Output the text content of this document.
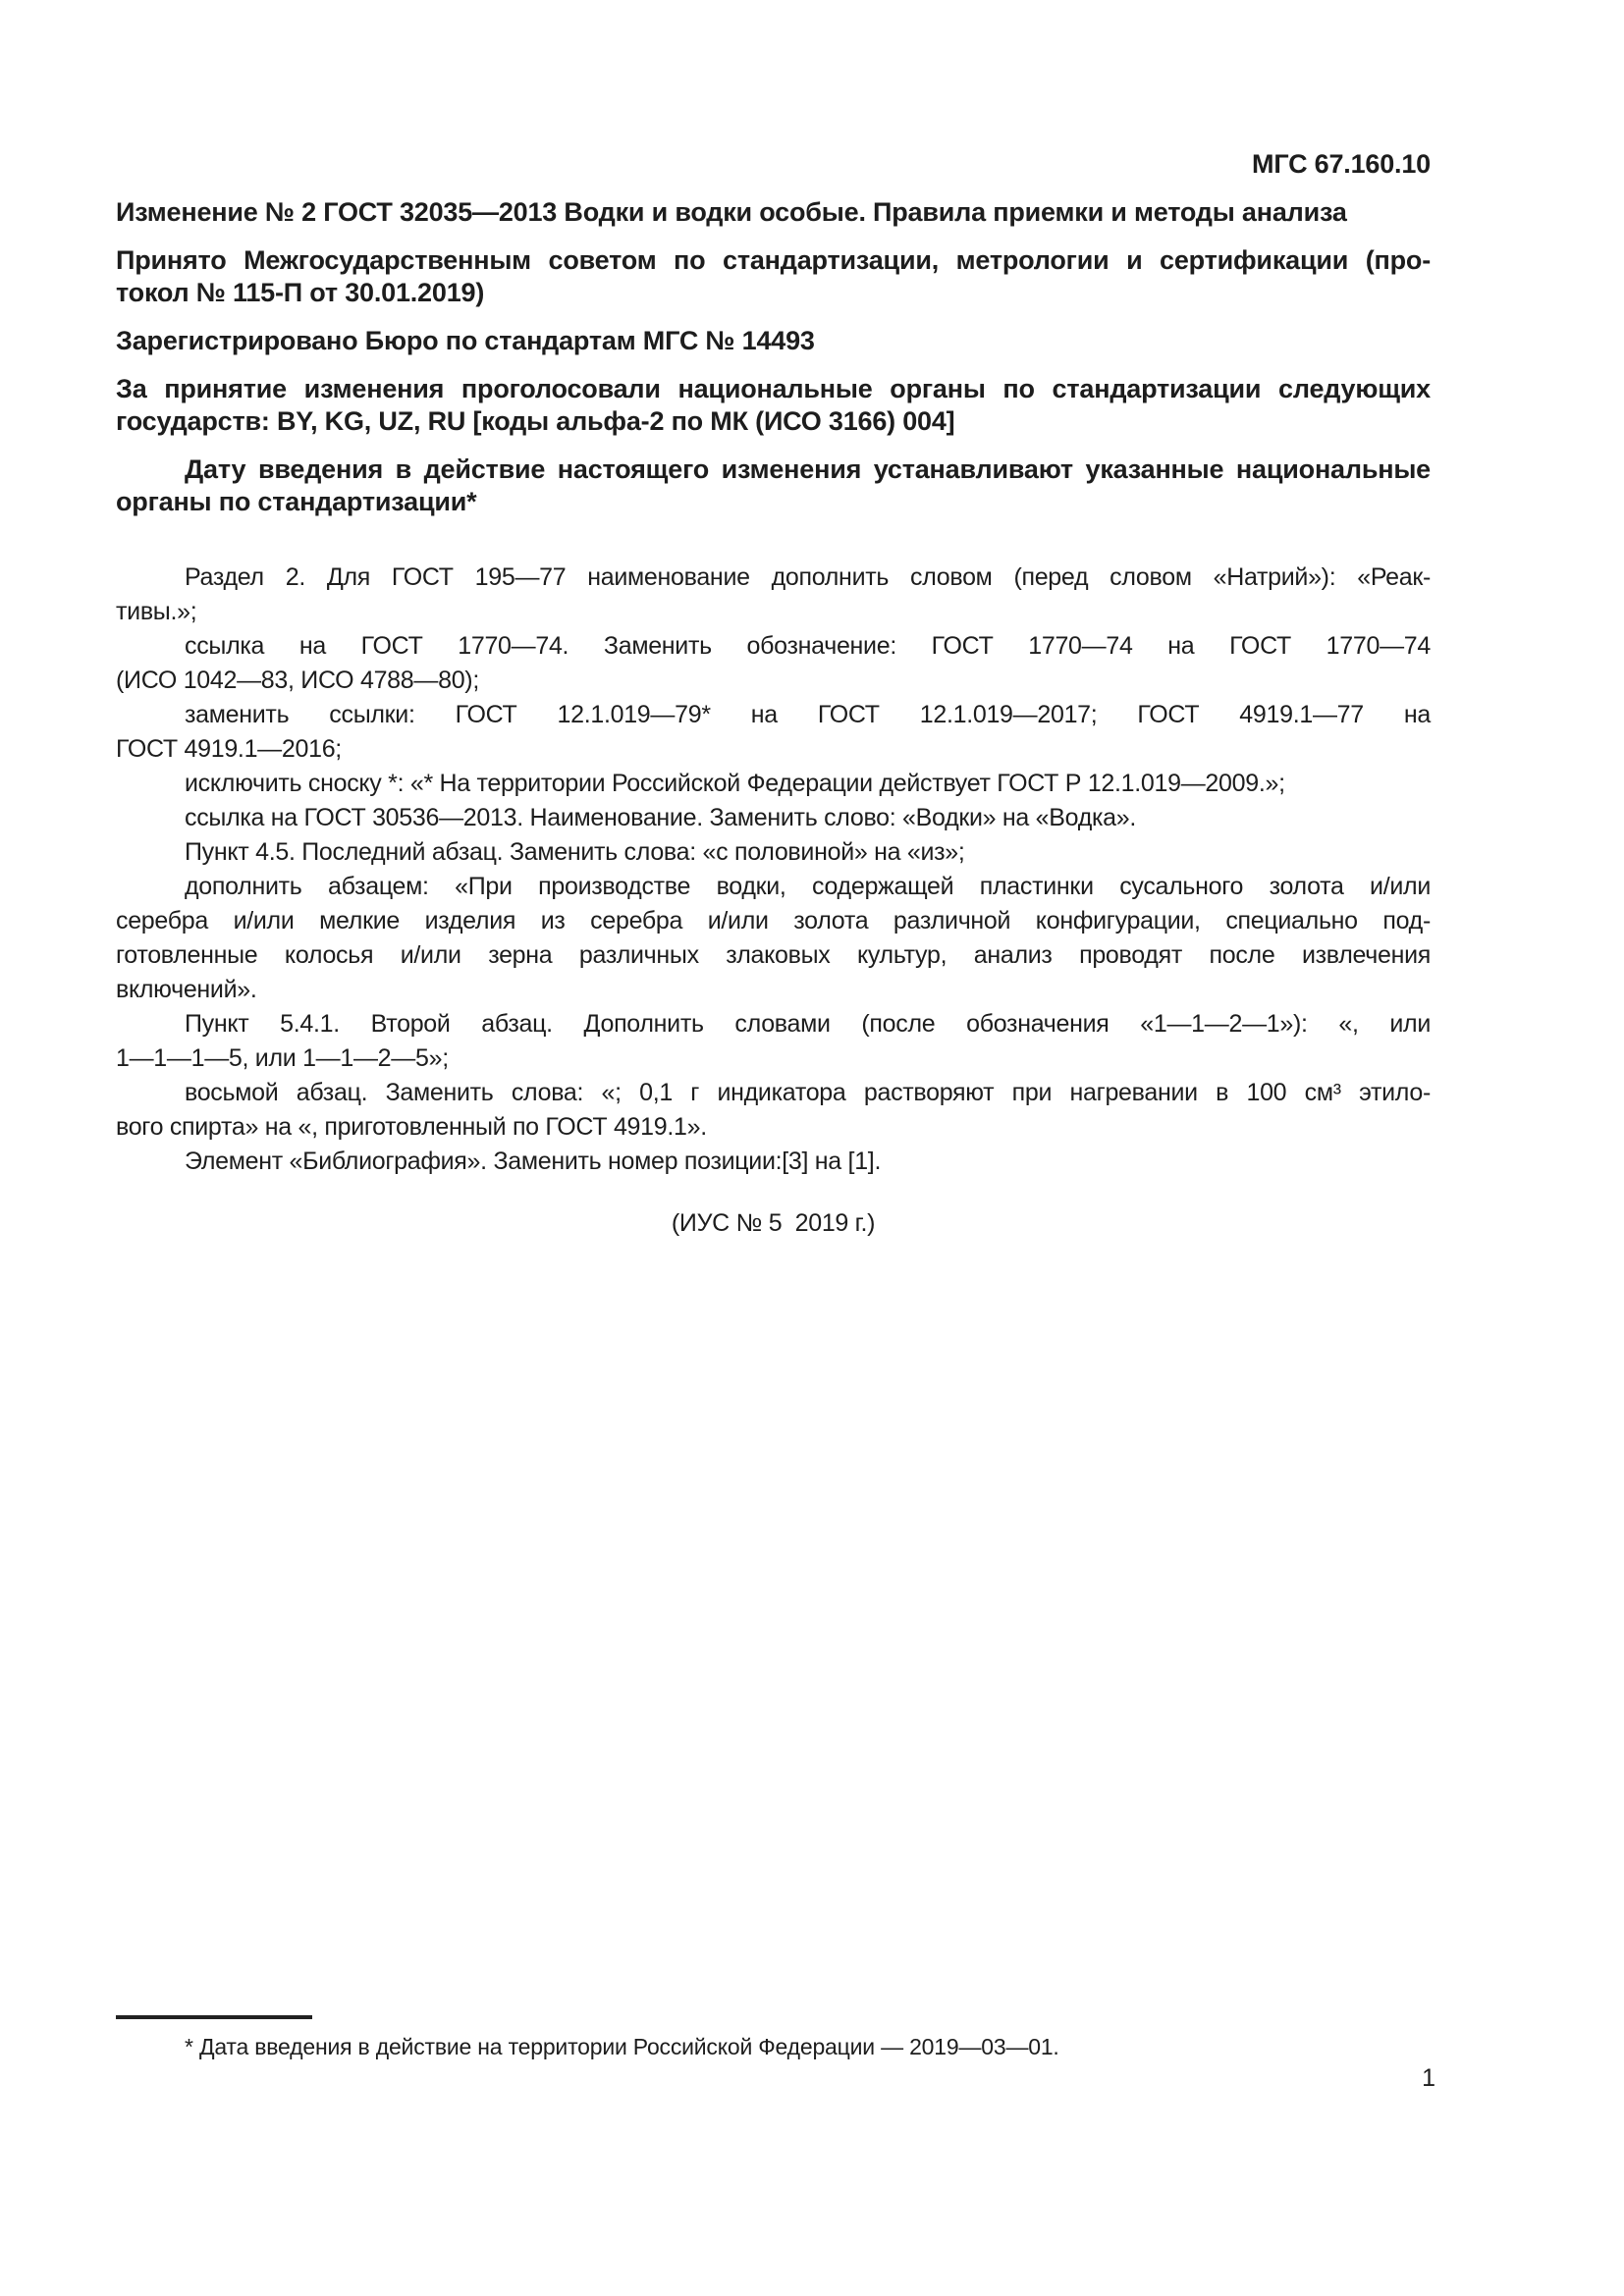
МГС 67.160.10
Изменение № 2 ГОСТ 32035—2013 Водки и водки особые. Правила приемки и методы анализа
Принято Межгосударственным советом по стандартизации, метрологии и сертификации (про-
токол № 115-П от 30.01.2019)
Зарегистрировано Бюро по стандартам МГС № 14493
За принятие изменения проголосовали национальные органы по стандартизации следующих
государств: BY, KG, UZ, RU [коды альфа-2 по МК (ИСО 3166) 004]
Дату введения в действие настоящего изменения устанавливают указанные национальные
органы по стандартизации*
Раздел 2. Для ГОСТ 195—77 наименование дополнить словом (перед словом «Натрий»): «Реак-
тивы.»;
ссылка на ГОСТ 1770—74. Заменить обозначение: ГОСТ 1770—74 на ГОСТ 1770—74
(ИСО 1042—83, ИСО 4788—80);
заменить ссылки: ГОСТ 12.1.019—79* на ГОСТ 12.1.019—2017; ГОСТ 4919.1—77 на
ГОСТ 4919.1—2016;
исключить сноску *: «* На территории Российской Федерации действует ГОСТ Р 12.1.019—2009.»;
ссылка на ГОСТ 30536—2013. Наименование. Заменить слово: «Водки» на «Водка».
Пункт 4.5. Последний абзац. Заменить слова: «с половиной» на «из»;
дополнить абзацем: «При производстве водки, содержащей пластинки сусального золота и/или
серебра и/или мелкие изделия из серебра и/или золота различной конфигурации, специально под-
готовленные колосья и/или зерна различных злаковых культур, анализ проводят после извлечения
включений».
Пункт 5.4.1. Второй абзац. Дополнить словами (после обозначения «1—1—2—1»): «, или
1—1—1—5, или 1—1—2—5»;
восьмой абзац. Заменить слова: «; 0,1 г индикатора растворяют при нагревании в 100 см³ этило-
вого спирта» на «, приготовленный по ГОСТ 4919.1».
Элемент «Библиография». Заменить номер позиции:[3] на [1].
(ИУС № 5  2019 г.)
* Дата введения в действие на территории Российской Федерации — 2019—03—01.
1
